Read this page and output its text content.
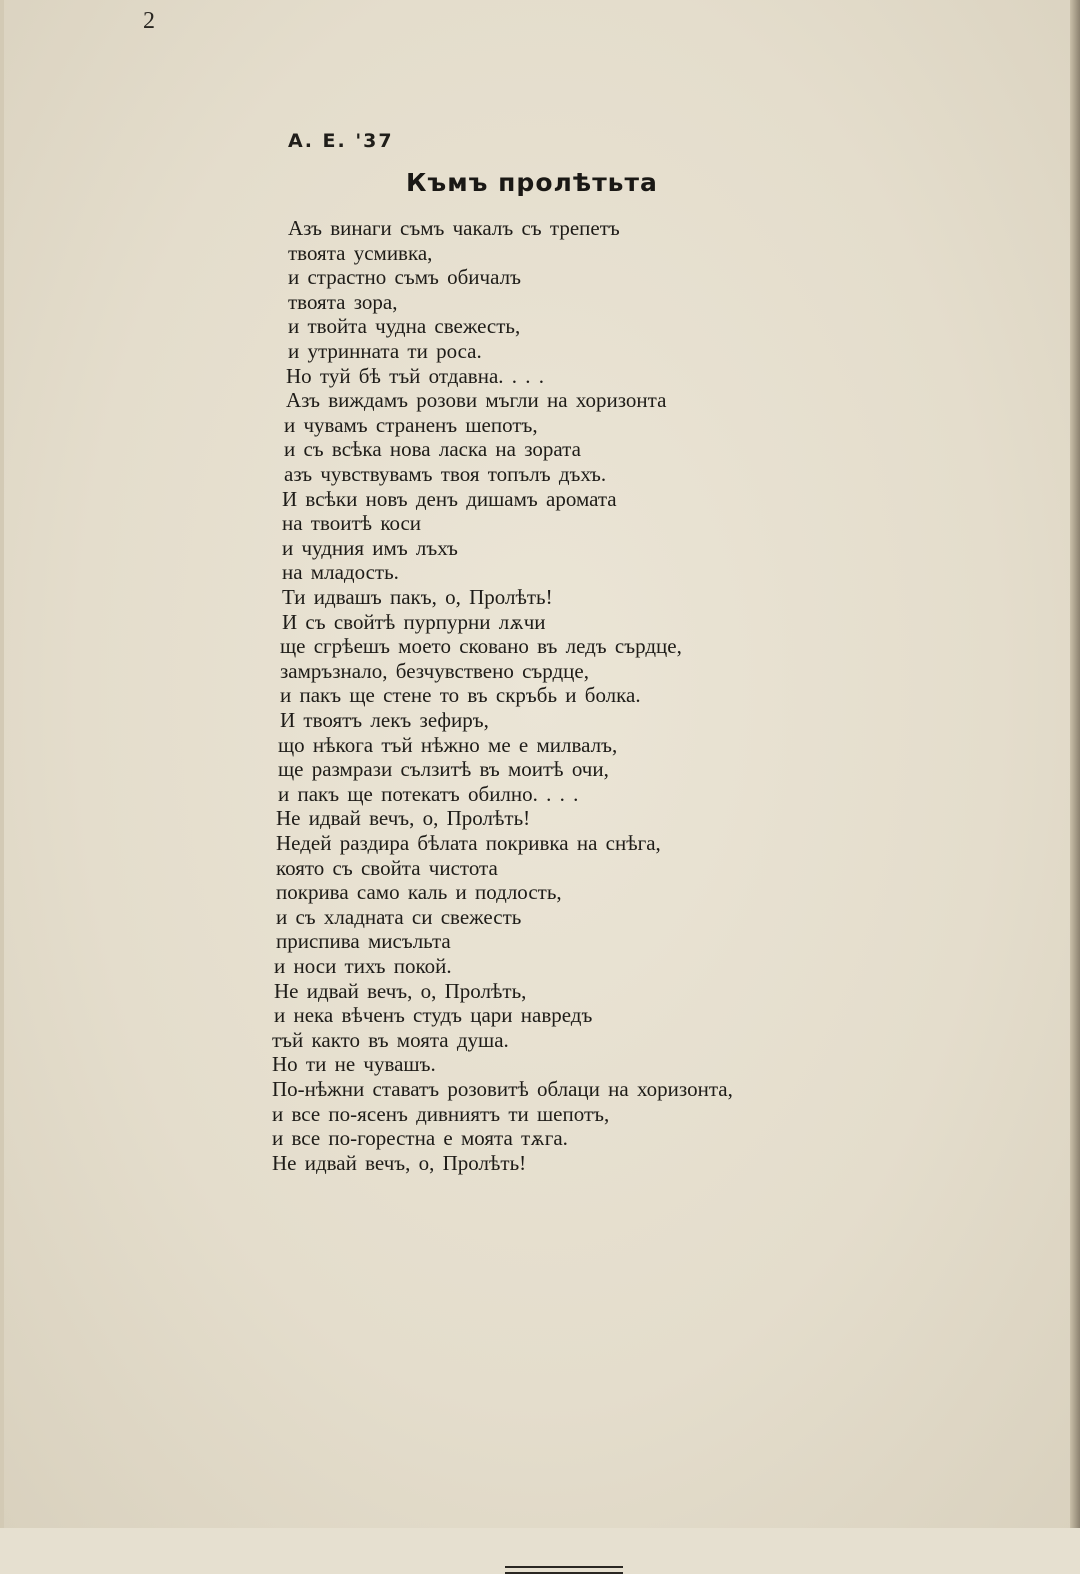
2
А. Е. '37
Къмъ пролѣтьта
Азъ винаги съмъ чакалъ съ трепетъ
твоята усмивка,
и страстно съмъ обичалъ
твоята зора,
и твойта чудна свежесть,
и утринната ти роса.
Но туй бѣ тъй отдавна. . . .
Азъ виждамъ розови мъгли на хоризонта
и чувамъ страненъ шепотъ,
и съ всѣка нова ласка на зората
азъ чувствувамъ твоя топълъ дъхъ.
И всѣки новъ денъ дишамъ аромата
на твоитѣ коси
и чудния имъ лъхъ
на младость.
Ти идвашъ пакъ, о, Пролѣть!
И съ свойтѣ пурпурни лѫчи
ще сгрѣешъ моето сковано въ ледъ сърдце,
замръзнало, безчувствено сърдце,
и пакъ ще стене то въ скръбь и болка.
И твоятъ лекъ зефиръ,
що нѣкога тъй нѣжно ме е милвалъ,
ще размрази сълзитѣ въ моитѣ очи,
и пакъ ще потекатъ обилно. . . .
Не идвай вечъ, о, Пролѣть!
Недей раздира бѣлата покривка на снѣга,
която съ свойта чистота
покрива само каль и подлость,
и съ хладната си свежесть
приспива мисъльта
и носи тихъ покой.
Не идвай вечъ, о, Пролѣть,
и нека вѣченъ студъ цари навредъ
тъй както въ моята душа.
Но ти не чувашъ.
По-нѣжни ставатъ розовитѣ облаци на хоризонта,
и все по-ясенъ дивниятъ ти шепотъ,
и все по-горестна е моята тѫга.
Не идвай вечъ, о, Пролѣть!
